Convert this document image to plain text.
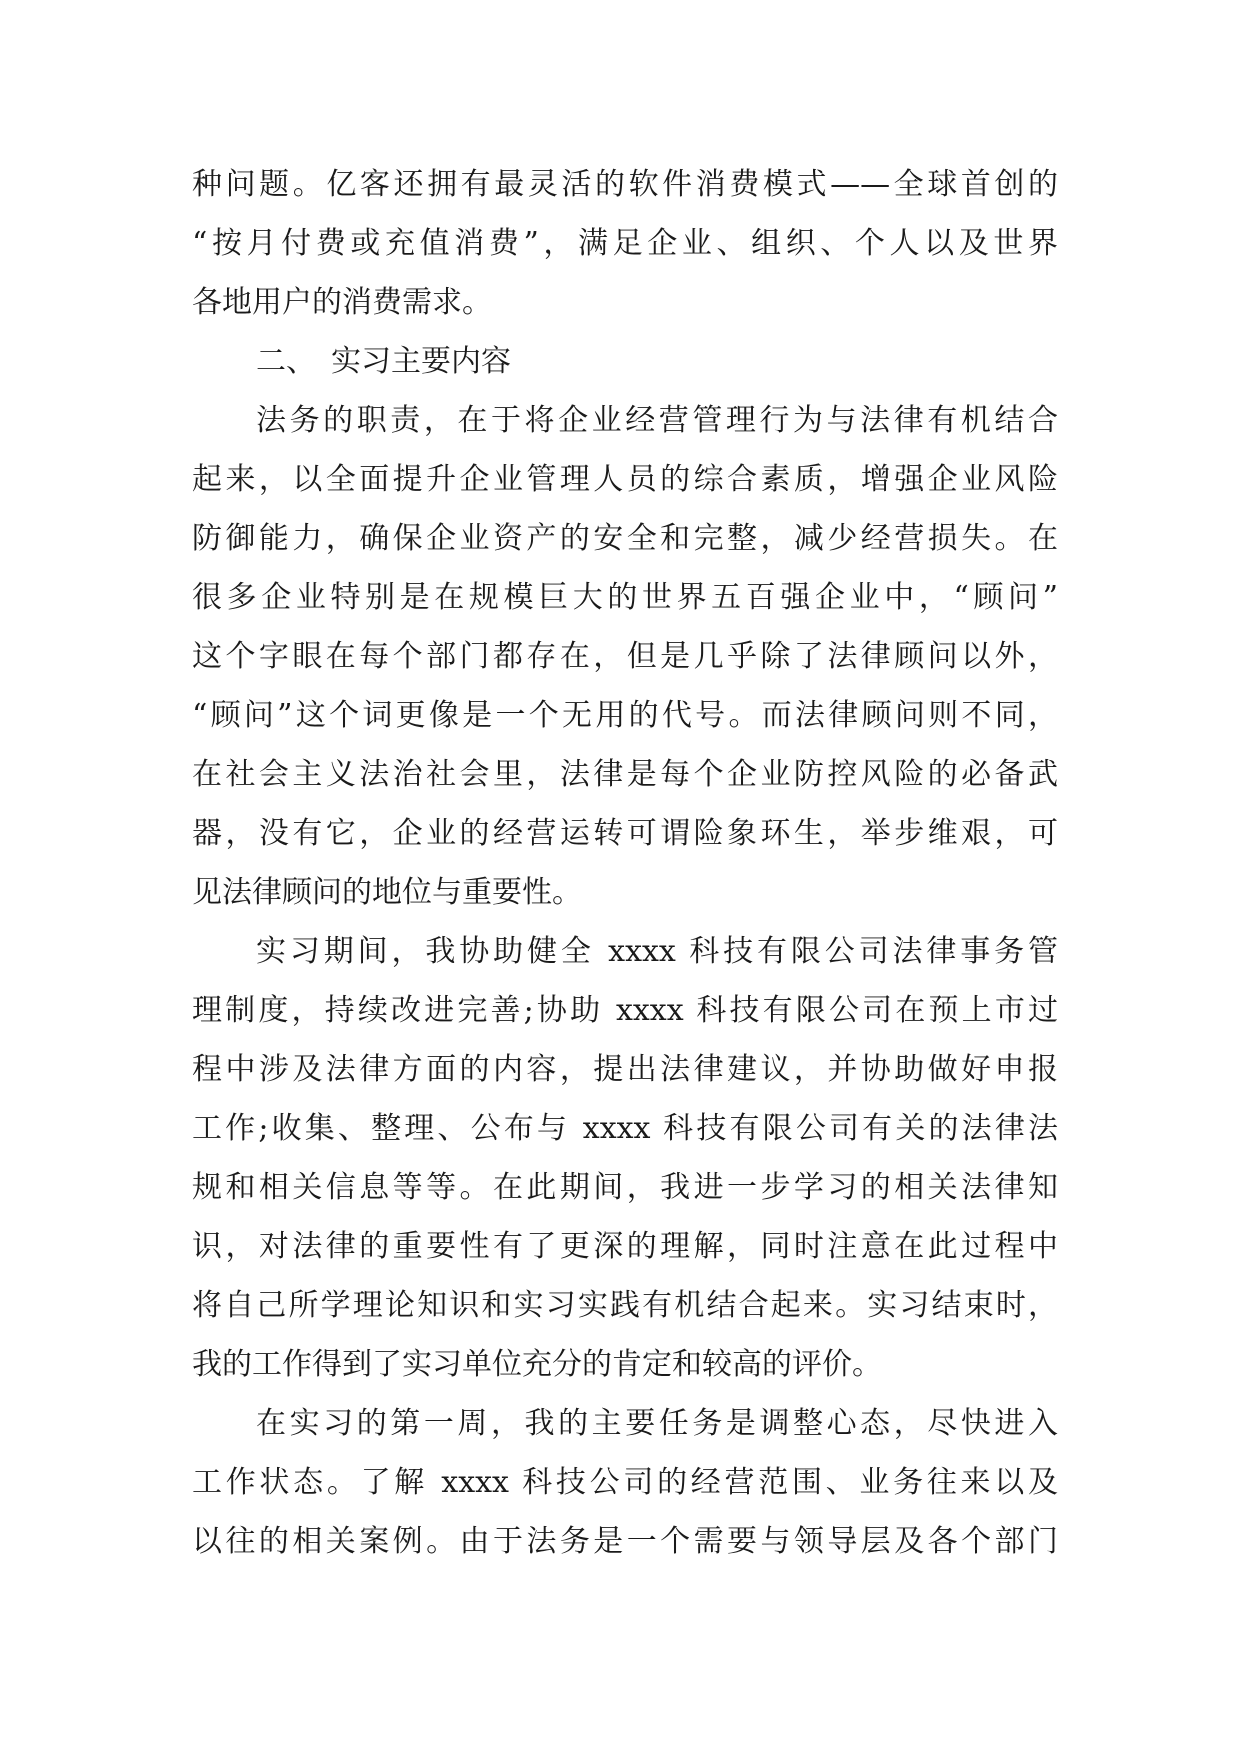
种问题。亿客还拥有最灵活的软件消费模式——全球首创的
“按月付费或充值消费”，满足企业、组织、个人以及世界
各地用户的消费需求。
二、　实习主要内容
法务的职责，在于将企业经营管理行为与法律有机结合
起来，以全面提升企业管理人员的综合素质，增强企业风险
防御能力，确保企业资产的安全和完整，减少经营损失。在
很多企业特别是在规模巨大的世界五百强企业中，“顾问”
这个字眼在每个部门都存在，但是几乎除了法律顾问以外，
“顾问”这个词更像是一个无用的代号。而法律顾问则不同，
在社会主义法治社会里，法律是每个企业防控风险的必备武
器，没有它，企业的经营运转可谓险象环生，举步维艰，可
见法律顾问的地位与重要性。
实习期间，我协助健全 xxxx 科技有限公司法律事务管
理制度，持续改进完善;协助 xxxx 科技有限公司在预上市过
程中涉及法律方面的内容，提出法律建议，并协助做好申报
工作;收集、整理、公布与 xxxx 科技有限公司有关的法律法
规和相关信息等等。在此期间，我进一步学习的相关法律知
识，对法律的重要性有了更深的理解，同时注意在此过程中
将自己所学理论知识和实习实践有机结合起来。实习结束时，
我的工作得到了实习单位充分的肯定和较高的评价。
在实习的第一周，我的主要任务是调整心态，尽快进入
工作状态。了解 xxxx 科技公司的经营范围、业务往来以及
以往的相关案例。由于法务是一个需要与领导层及各个部门
